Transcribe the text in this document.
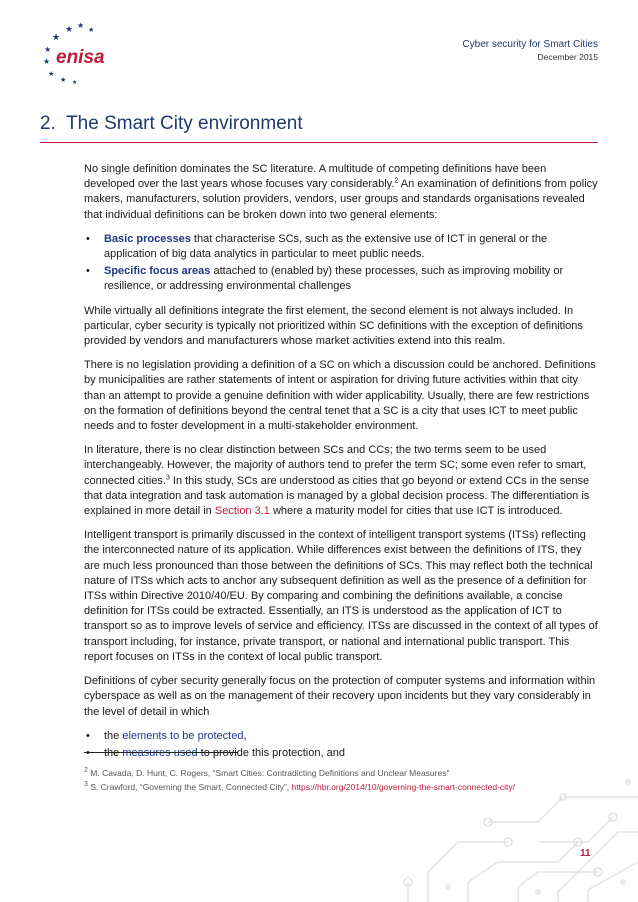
★ ★
★
★
★
★
★
★ ★
enisa
Cyber security for Smart Cities
December 2015
2. The Smart City environment

No single definition dominates the SC literature. A multitude of competing definitions have been developed over the last years whose focuses vary considerably.$^2$ An examination of definitions from policy makers, manufacturers, solution providers, vendors, user groups and standards organisations revealed that individual definitions can be broken down into two general elements:

• Basic processes that characterise SCs, such as the extensive use of ICT in general or the application of big data analytics in particular to meet public needs.
• Specific focus areas attached to (enabled by) these processes, such as improving mobility or resilience, or addressing environmental challenges

While virtually all definitions integrate the first element, the second element is not always included. In particular, cyber security is typically not prioritized within SC definitions with the exception of definitions provided by vendors and manufacturers whose market activities extend into this realm.

There is no legislation providing a definition of a SC on which a discussion could be anchored. Definitions by municipalities are rather statements of intent or aspiration for driving future activities within that city than an attempt to provide a genuine definition with wider applicability. Usually, there are few restrictions on the formation of definitions beyond the central tenet that a SC is a city that uses ICT to meet public needs and to foster development in a multi-stakeholder environment.

In literature, there is no clear distinction between SCs and CCs; the two terms seem to be used interchangeably. However, the majority of authors tend to prefer the term SC; some even refer to smart, connected cities.$^3$ In this study, SCs are understood as cities that go beyond or extend CCs in the sense that data integration and task automation is managed by a global decision process. The differentiation is explained in more detail in Section 3.1 where a maturity model for cities that use ICT is introduced.

Intelligent transport is primarily discussed in the context of intelligent transport systems (ITSs) reflecting the interconnected nature of its application. While differences exist between the definitions of ITS, they are much less pronounced than those between the definitions of SCs. This may reflect both the technical nature of ITSs which acts to anchor any subsequent definition as well as the presence of a definition for ITSs within Directive 2010/40/EU. By comparing and combining the definitions available, a concise definition for ITSs could be extracted. Essentially, an ITS is understood as the application of ICT to transport so as to improve levels of service and efficiency. ITSs are discussed in the context of all types of transport including, for instance, private transport, or national and international public transport. This report focuses on ITSs in the context of local public transport.

Definitions of cyber security generally focus on the protection of computer systems and information within cyberspace as well as on the management of their recovery upon incidents but they vary considerably in the level of detail in which

• the elements to be protected,
• the measures used to provide this protection, and
$^2$ M. Cavada, D. Hunt, C. Rogers, “Smart Cities: Contradicting Definitions and Unclear Measures”
$^3$ S. Crawford, “Governing the Smart, Connected City”, https://hbr.org/2014/10/governing-the-smart-connected-city/
11
